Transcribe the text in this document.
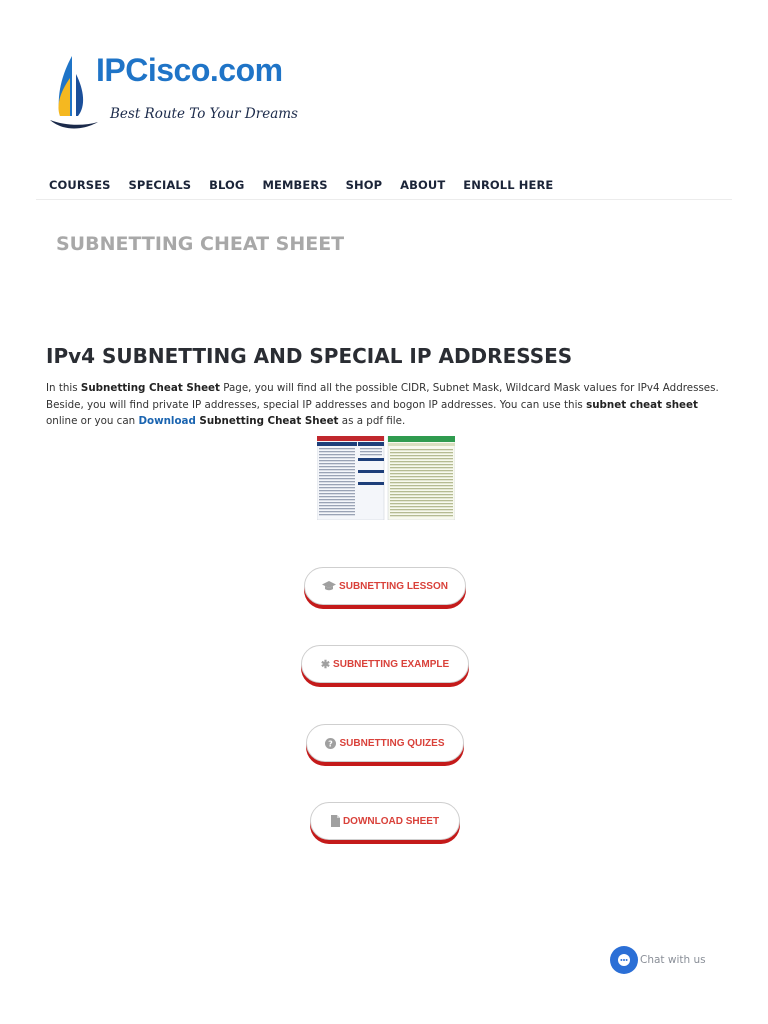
IPCisco.com
Best Route To Your Dreams
COURSES SPECIALS BLOG MEMBERS SHOP ABOUT ENROLL HERE
SUBNETTING CHEAT SHEET
IPv4 SUBNETTING AND SPECIAL IP ADDRESSES

In this Subnetting Cheat Sheet Page, you will find all the possible CIDR, Subnet Mask, Wildcard Mask values for IPv4 Addresses. Beside, you will find private IP addresses, special IP addresses and bogon IP addresses. You can use this subnet cheat sheet online or you can Download Subnetting Cheat Sheet as a pdf file.

SUBNETTING LESSON
✱ SUBNETTING EXAMPLE
? SUBNETTING QUIZES
DOWNLOAD SHEET
Chat with us
